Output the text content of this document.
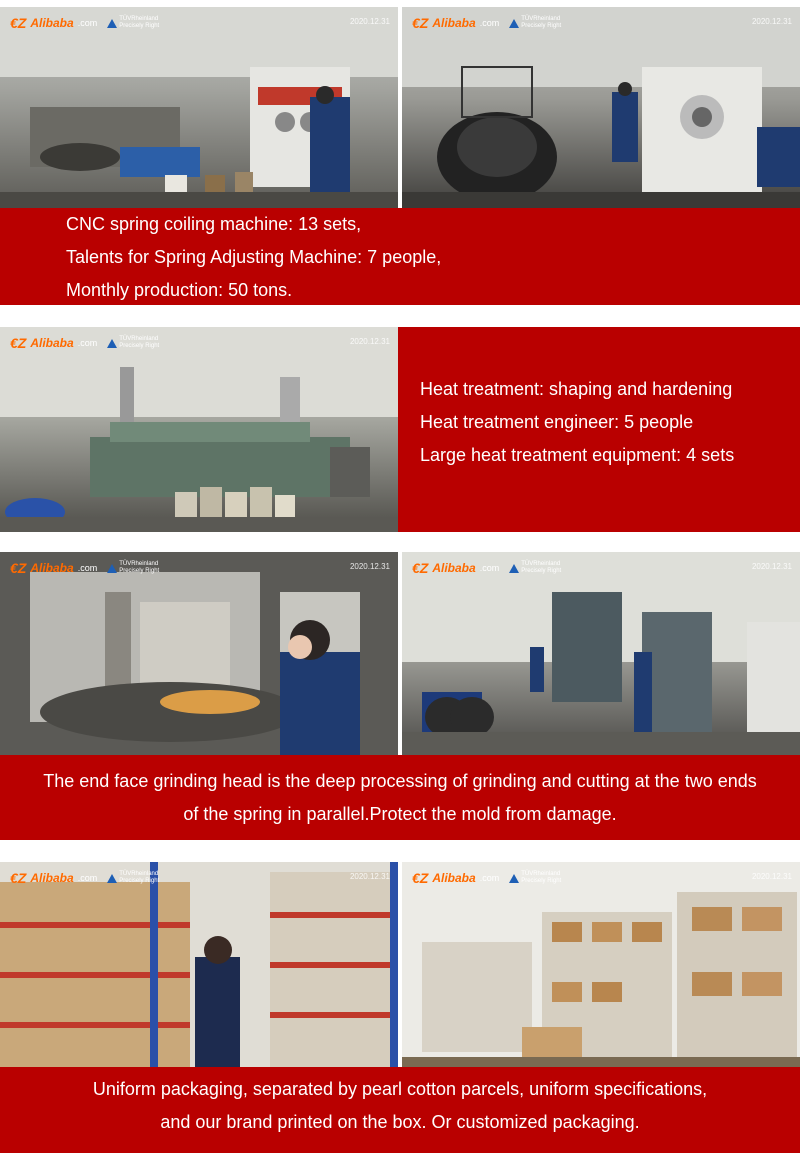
€Z Alibaba .com	TÜVRheinland
Precisely Right	2020.12.31 €Z Alibaba .com	TÜVRheinland
Precisely Right	2020.12.31
CNC spring coiling machine: 13 sets,
Talents for Spring Adjusting Machine: 7 people,
Monthly production: 50 tons.
€Z Alibaba .com	TÜVRheinland
Precisely Right	2020.12.31
Heat treatment: shaping and hardening
Heat treatment engineer: 5 people
Large heat treatment equipment: 4 sets
€Z Alibaba .com	TÜVRheinland
Precisely Right	2020.12.31 €Z Alibaba .com	TÜVRheinland
Precisely Right	2020.12.31
The end face grinding head is the deep processing of grinding and cutting at the two ends
of the spring in parallel.Protect the mold from damage.
€Z Alibaba .com	TÜVRheinland
Precisely Right	2020.12.31 €Z Alibaba .com	TÜVRheinland
Precisely Right	2020.12.31
Uniform packaging, separated by pearl cotton parcels, uniform specifications,
and our brand printed on the box. Or customized packaging.
